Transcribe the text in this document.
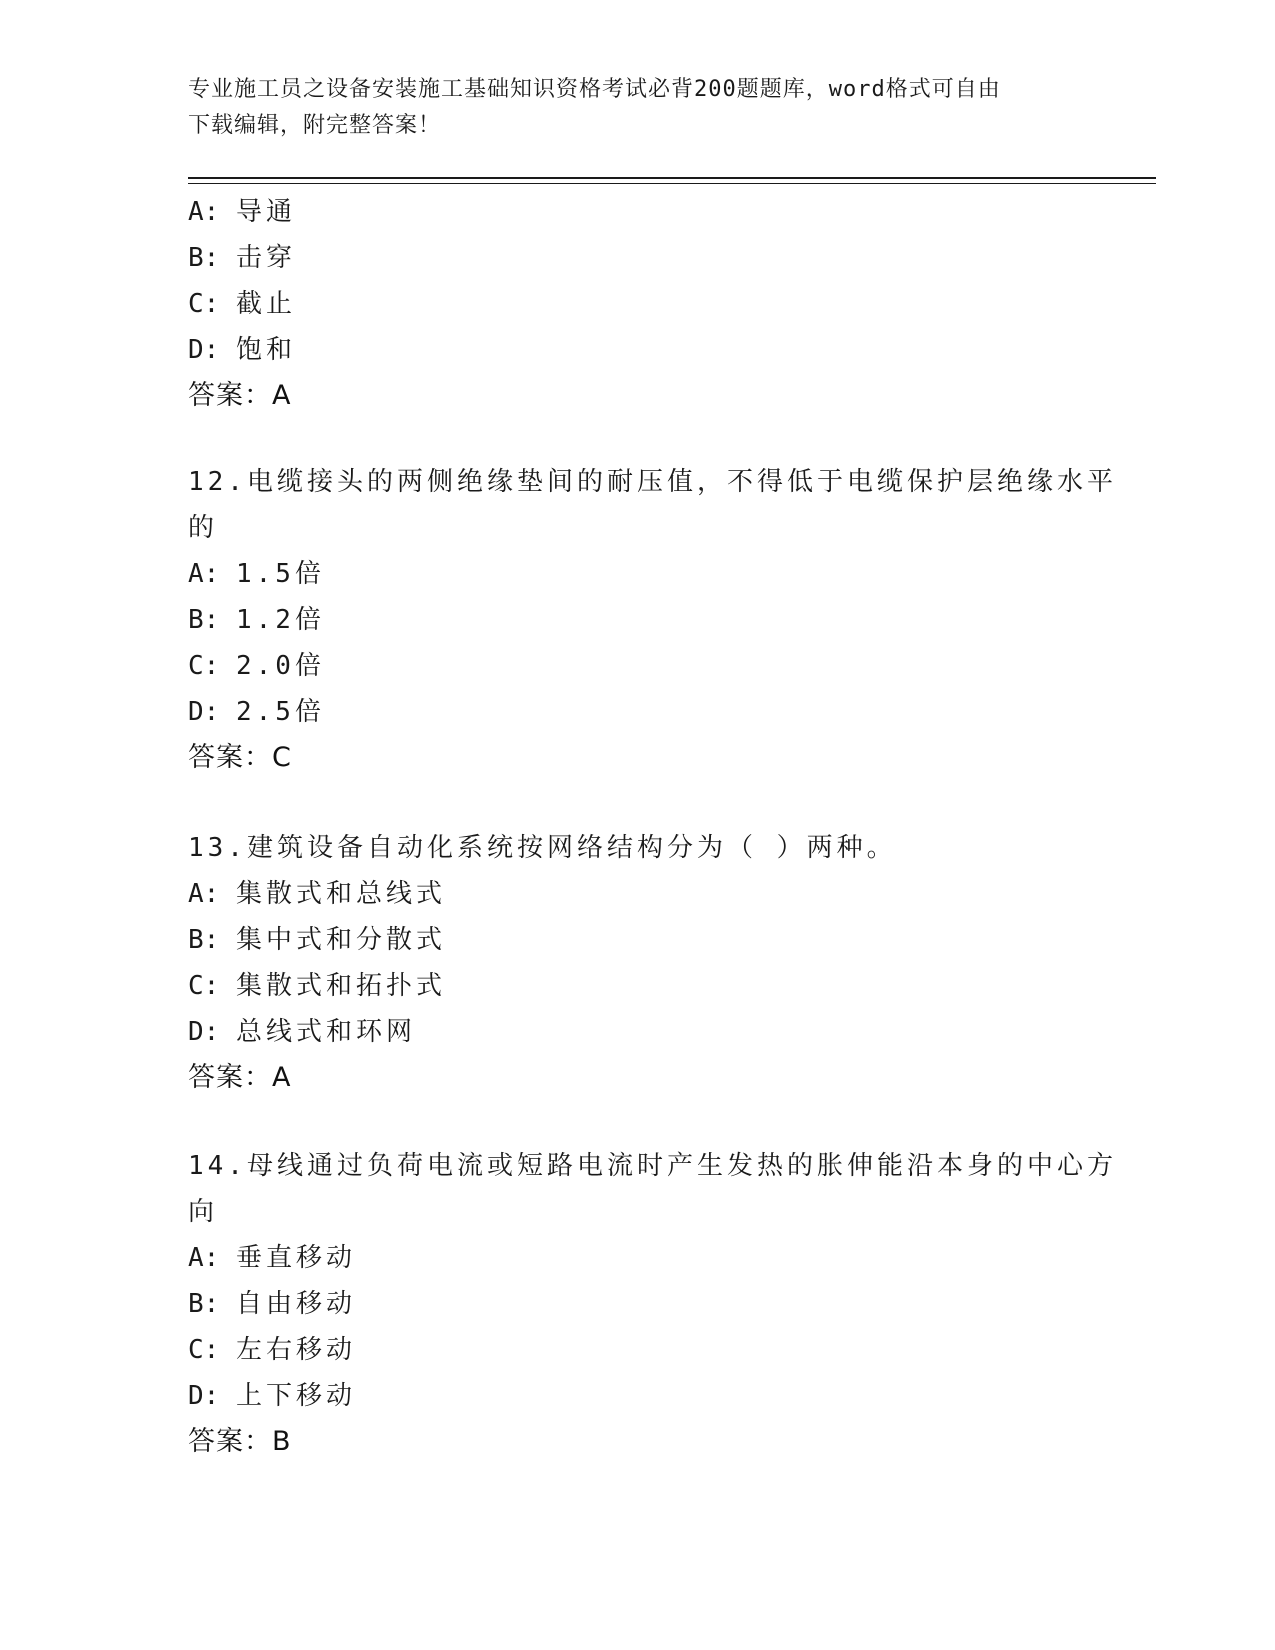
专业施工员之设备安装施工基础知识资格考试必背200题题库，word格式可自由
下载编辑，附完整答案！
A: 导通
B: 击穿
C: 截止
D: 饱和
答案：A
12.电缆接头的两侧绝缘垫间的耐压值，不得低于电缆保护层绝缘水平
的
A: 1.5倍
B: 1.2倍
C: 2.0倍
D: 2.5倍
答案：C
13.建筑设备自动化系统按网络结构分为（ ）两种。
A: 集散式和总线式
B: 集中式和分散式
C: 集散式和拓扑式
D: 总线式和环网
答案：A
14.母线通过负荷电流或短路电流时产生发热的胀伸能沿本身的中心方
向
A: 垂直移动
B: 自由移动
C: 左右移动
D: 上下移动
答案：B
